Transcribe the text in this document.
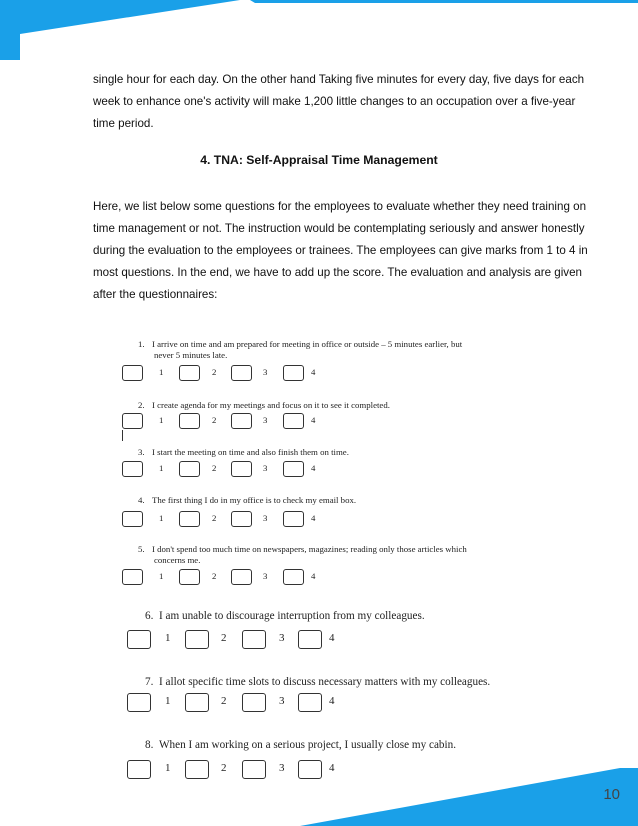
single hour for each day. On the other hand Taking five minutes for every day, five days for each week to enhance one's activity will make 1,200 little changes to an occupation over a five-year time period.
4. TNA: Self-Appraisal Time Management
Here, we list below some questions for the employees to evaluate whether they need training on time management or not. The instruction would be contemplating seriously and answer honestly during the evaluation to the employees or trainees. The employees can give marks from 1 to 4 in most questions. In the end, we have to add up the score. The evaluation and analysis are given after the questionnaires:
1. I arrive on time and am prepared for meeting in office or outside – 5 minutes earlier, but
never 5 minutes late.
1	2	3	4
2. I create agenda for my meetings and focus on it to see it completed.
1	2	3	4
3. I start the meeting on time and also finish them on time.
1	2	3	4
4. The first thing I do in my office is to check my email box.
1	2	3	4
5. I don't spend too much time on newspapers, magazines; reading only those articles which
concerns me.
1	2	3	4
6. I am unable to discourage interruption from my colleagues.
1	2	3	4
7. I allot specific time slots to discuss necessary matters with my colleagues.
1	2	3	4
8. When I am working on a serious project, I usually close my cabin.
1	2	3	4
10
